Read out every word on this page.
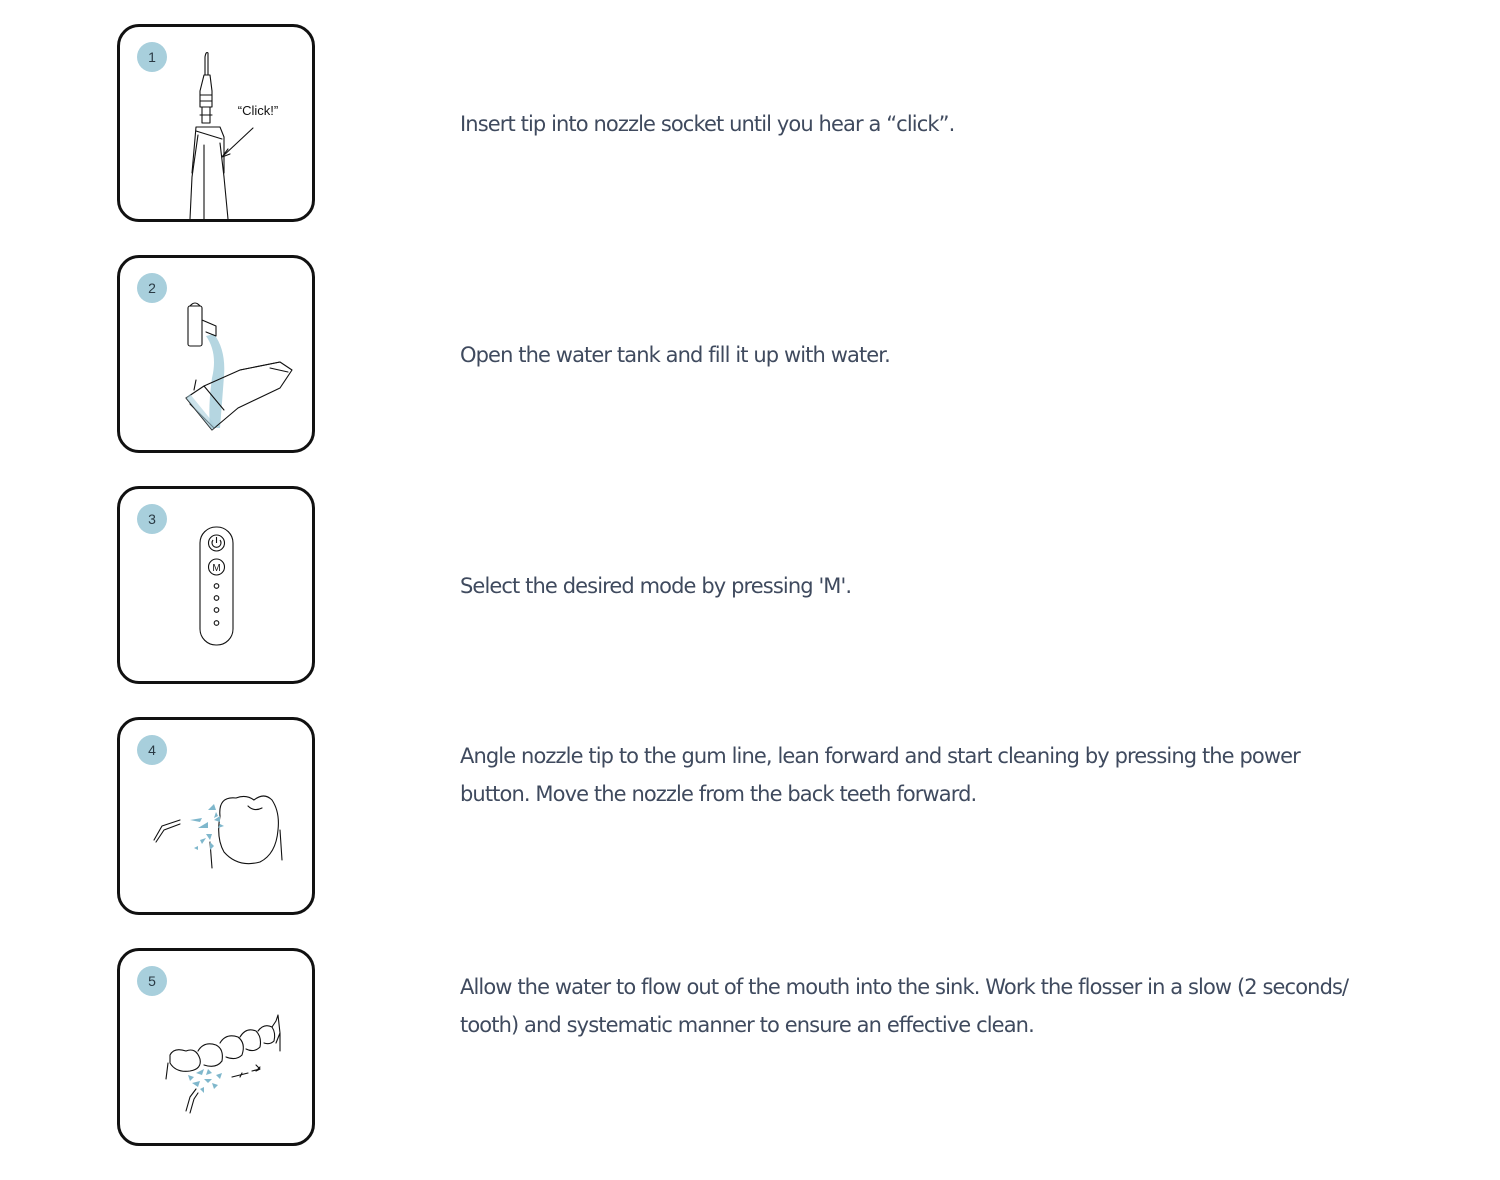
“Click!”
1
Insert tip into nozzle socket until you hear a “click”.
2
Open the water tank and fill it up with water.
M
3
Select the desired mode by pressing 'M'.
4	Angle nozzle tip to the gum line, lean forward and start cleaning by pressing the power button. Move the nozzle from the back teeth forward.
5	Allow the water to flow out of the mouth into the sink. Work the flosser in a slow (2 seconds/ tooth) and systematic manner to ensure an effective clean.
